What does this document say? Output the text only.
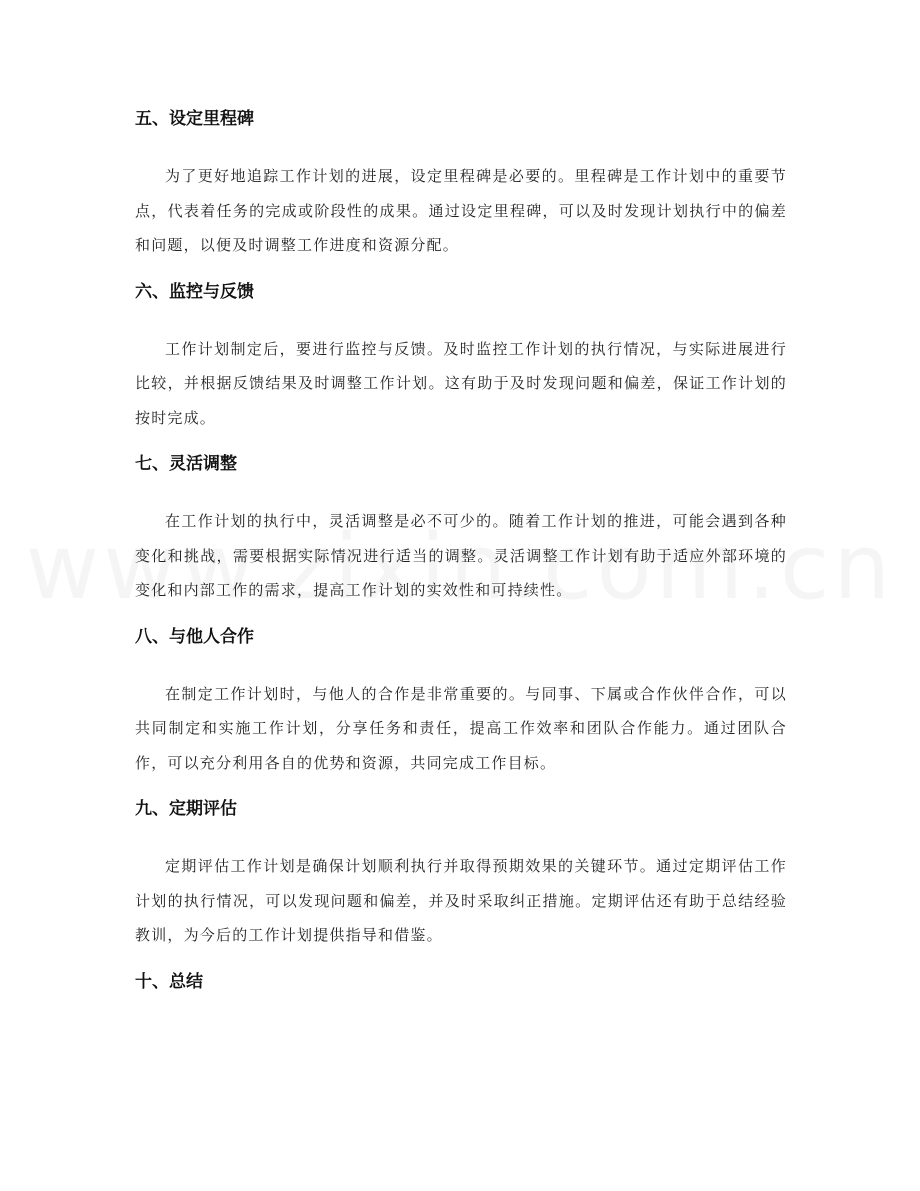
五、设定里程碑

为了更好地追踪工作计划的进展，设定里程碑是必要的。里程碑是工作计划中的重要节点，代表着任务的完成或阶段性的成果。通过设定里程碑，可以及时发现计划执行中的偏差和问题，以便及时调整工作进度和资源分配。

六、监控与反馈

工作计划制定后，要进行监控与反馈。及时监控工作计划的执行情况，与实际进展进行比较，并根据反馈结果及时调整工作计划。这有助于及时发现问题和偏差，保证工作计划的按时完成。

七、灵活调整

在工作计划的执行中，灵活调整是必不可少的。随着工作计划的推进，可能会遇到各种变化和挑战，需要根据实际情况进行适当的调整。灵活调整工作计划有助于适应外部环境的变化和内部工作的需求，提高工作计划的实效性和可持续性。

八、与他人合作

在制定工作计划时，与他人的合作是非常重要的。与同事、下属或合作伙伴合作，可以共同制定和实施工作计划，分享任务和责任，提高工作效率和团队合作能力。通过团队合作，可以充分利用各自的优势和资源，共同完成工作目标。

九、定期评估

定期评估工作计划是确保计划顺利执行并取得预期效果的关键环节。通过定期评估工作计划的执行情况，可以发现问题和偏差，并及时采取纠正措施。定期评估还有助于总结经验教训，为今后的工作计划提供指导和借鉴。

十、总结
